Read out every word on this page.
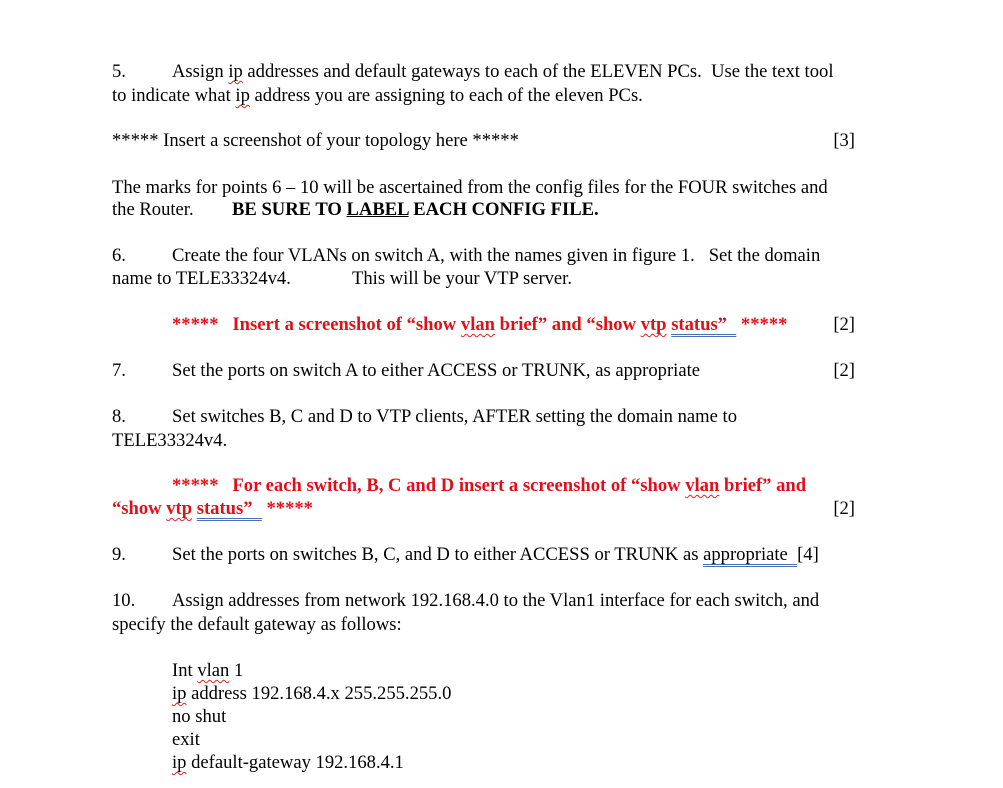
5. Assign ip addresses and default gateways to each of the ELEVEN PCs.  Use the text tool
to indicate what ip address you are assigning to each of the eleven PCs.
***** Insert a screenshot of your topology here *****	[3]
The marks for points 6 – 10 will be ascertained from the config files for the FOUR switches and
the Router. BE SURE TO LABEL EACH CONFIG FILE.
6. Create the four VLANs on switch A, with the names given in figure 1.   Set the domain
name to TELE33324v4.	This will be your VTP server.
*****   Insert a screenshot of “show vlan brief” and “show vtp status”   ***** [2]
7. Set the ports on switch A to either ACCESS or TRUNK, as appropriate	[2]
8. Set switches B, C and D to VTP clients, AFTER setting the domain name to
TELE33324v4.
*****   For each switch, B, C and D insert a screenshot of “show vlan brief” and
“show vtp status”   *****	[2]
9. Set the ports on switches B, C, and D to either ACCESS or TRUNK as appropriate  [4]
10. Assign addresses from network 192.168.4.0 to the Vlan1 interface for each switch, and
specify the default gateway as follows:
Int vlan 1
ip address 192.168.4.x 255.255.255.0
no shut
exit
ip default-gateway 192.168.4.1
